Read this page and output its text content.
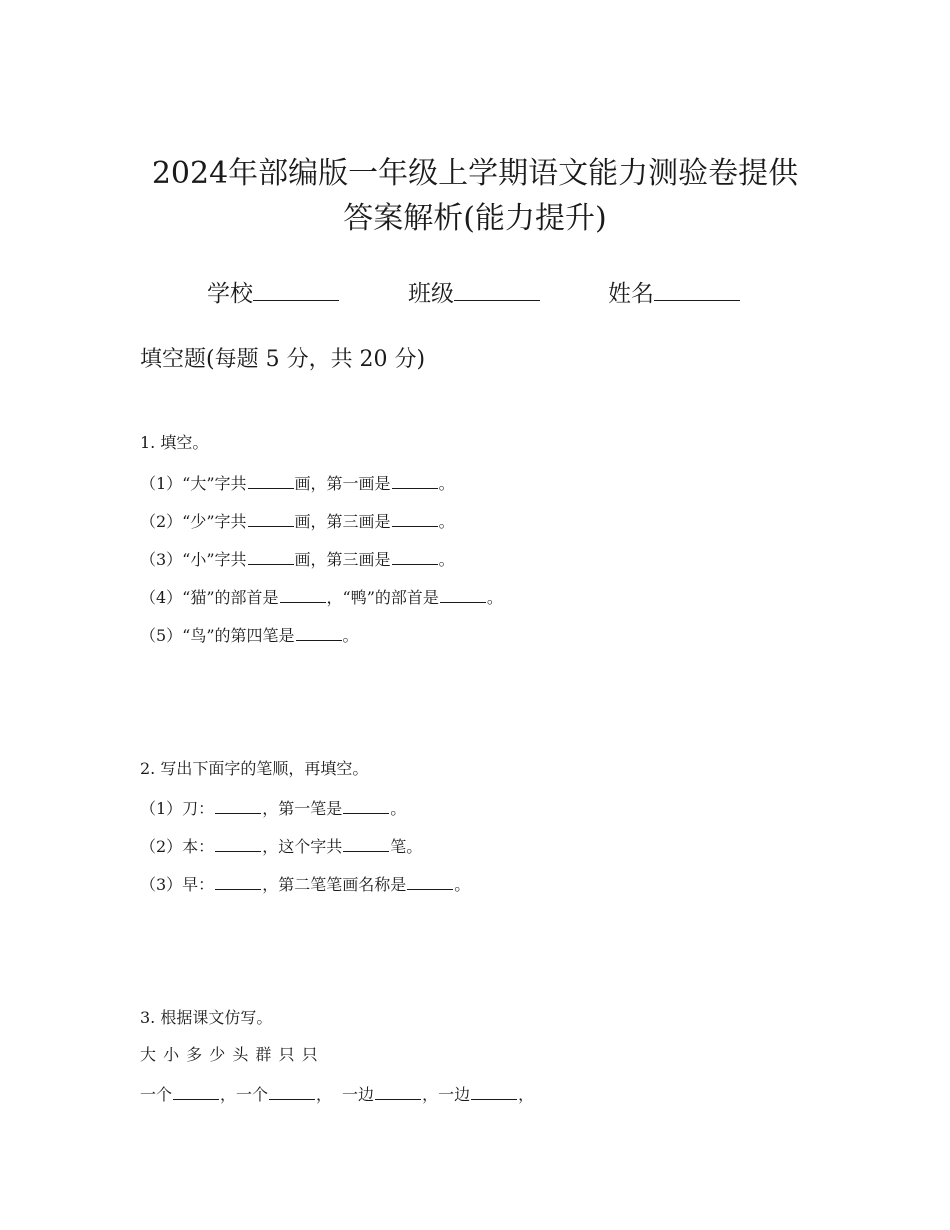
2024年部编版一年级上学期语文能力测验卷提供
答案解析(能力提升)
学校	班级	姓名
填空题(每题 5 分，共 20 分)
1. 填空。
（1）“大”字共	画，第一画是	。
（2）“少”字共	画，第三画是	。
（3）“小”字共	画，第三画是	。
（4）“猫”的部首是	，“鸭”的部首是	。
（5）“鸟”的第四笔是	。
2. 写出下面字的笔顺，再填空。
（1）刀：	，第一笔是	。
（2）本：	，这个字共	笔。
（3）早：	，第二笔笔画名称是	。
3. 根据课文仿写。
大 小 多 少 头 群 只 只
一个	，一个	， 一边	，一边	，
